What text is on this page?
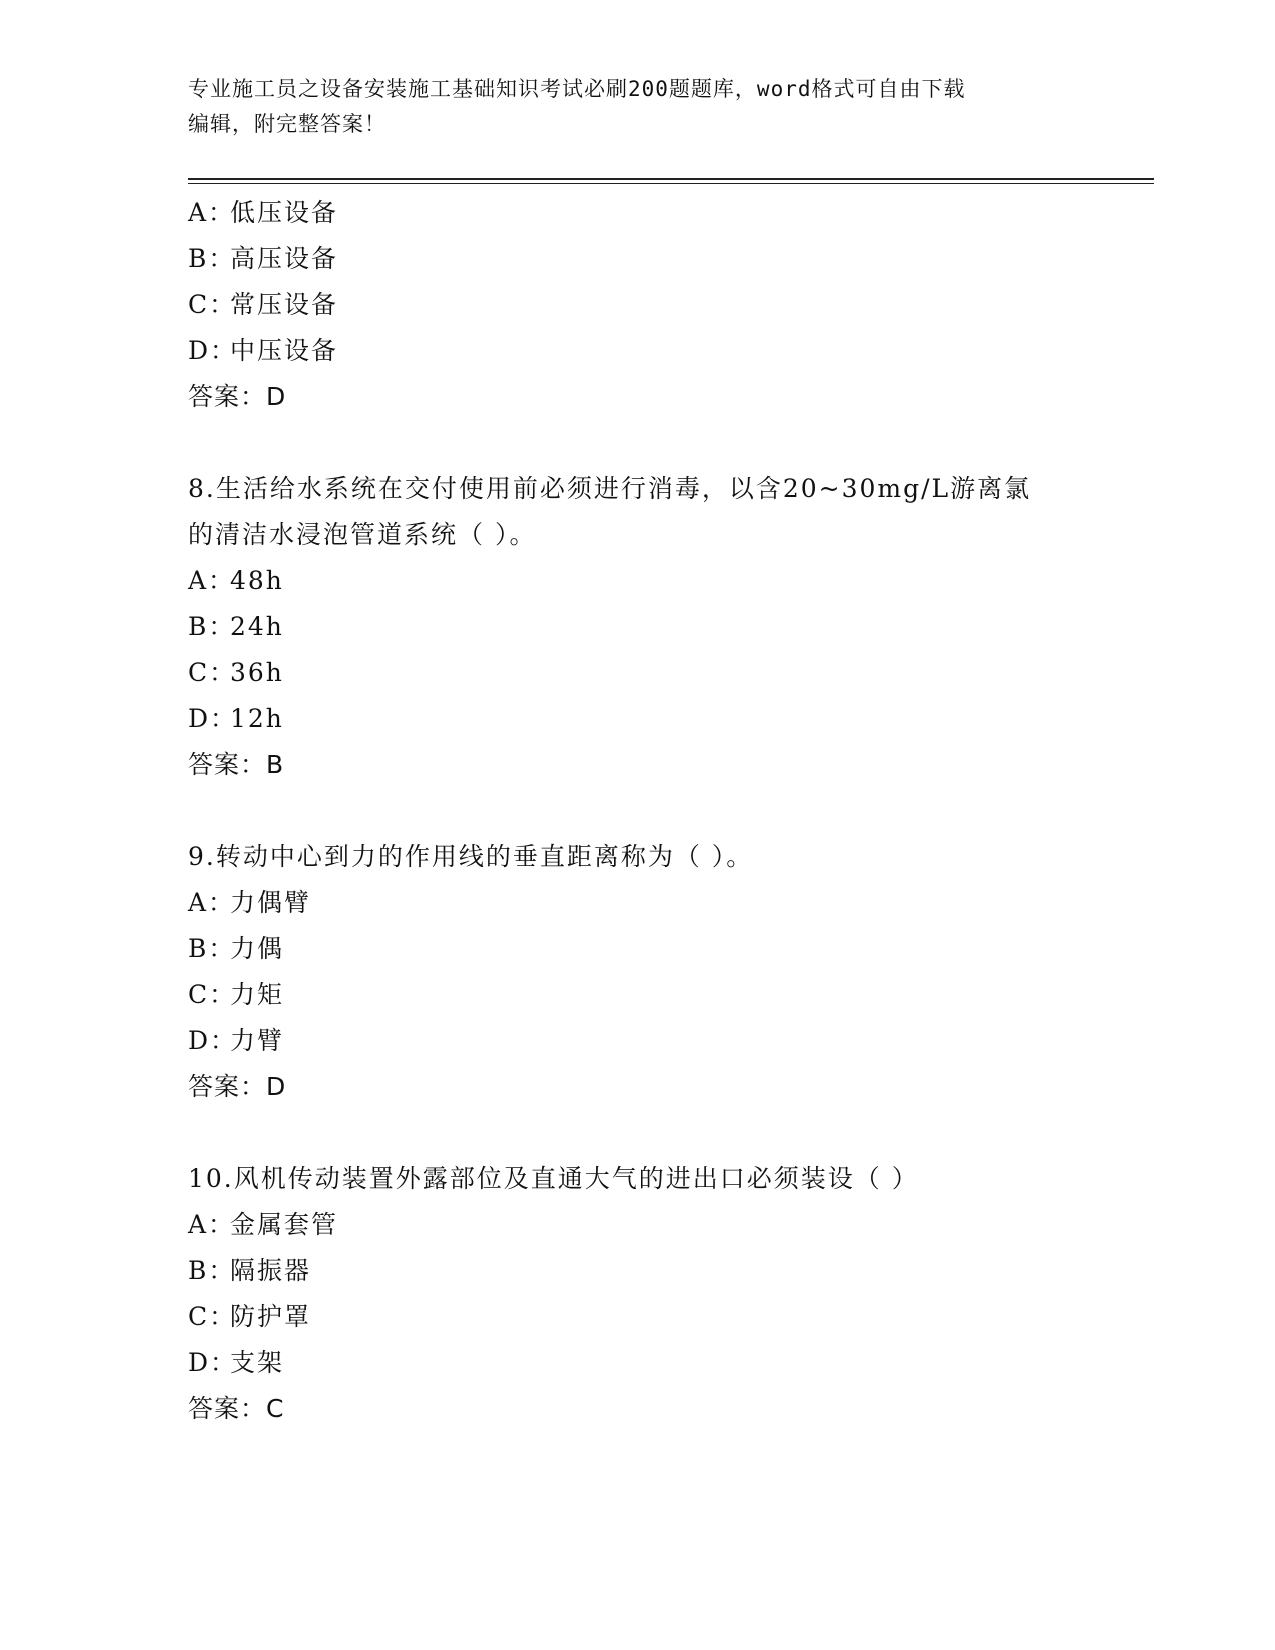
专业施工员之设备安装施工基础知识考试必刷200题题库，word格式可自由下载
编辑，附完整答案！
A：低压设备
B：高压设备
C：常压设备
D：中压设备
答案：D
8.生活给水系统在交付使用前必须进行消毒，以含20~30mg/L游离氯
的清洁水浸泡管道系统（ ）。
A：48h
B：24h
C：36h
D：12h
答案：B
9.转动中心到力的作用线的垂直距离称为（ ）。
A：力偶臂
B：力偶
C：力矩
D：力臂
答案：D
10.风机传动装置外露部位及直通大气的进出口必须装设（ ）
A：金属套管
B：隔振器
C：防护罩
D：支架
答案：C
